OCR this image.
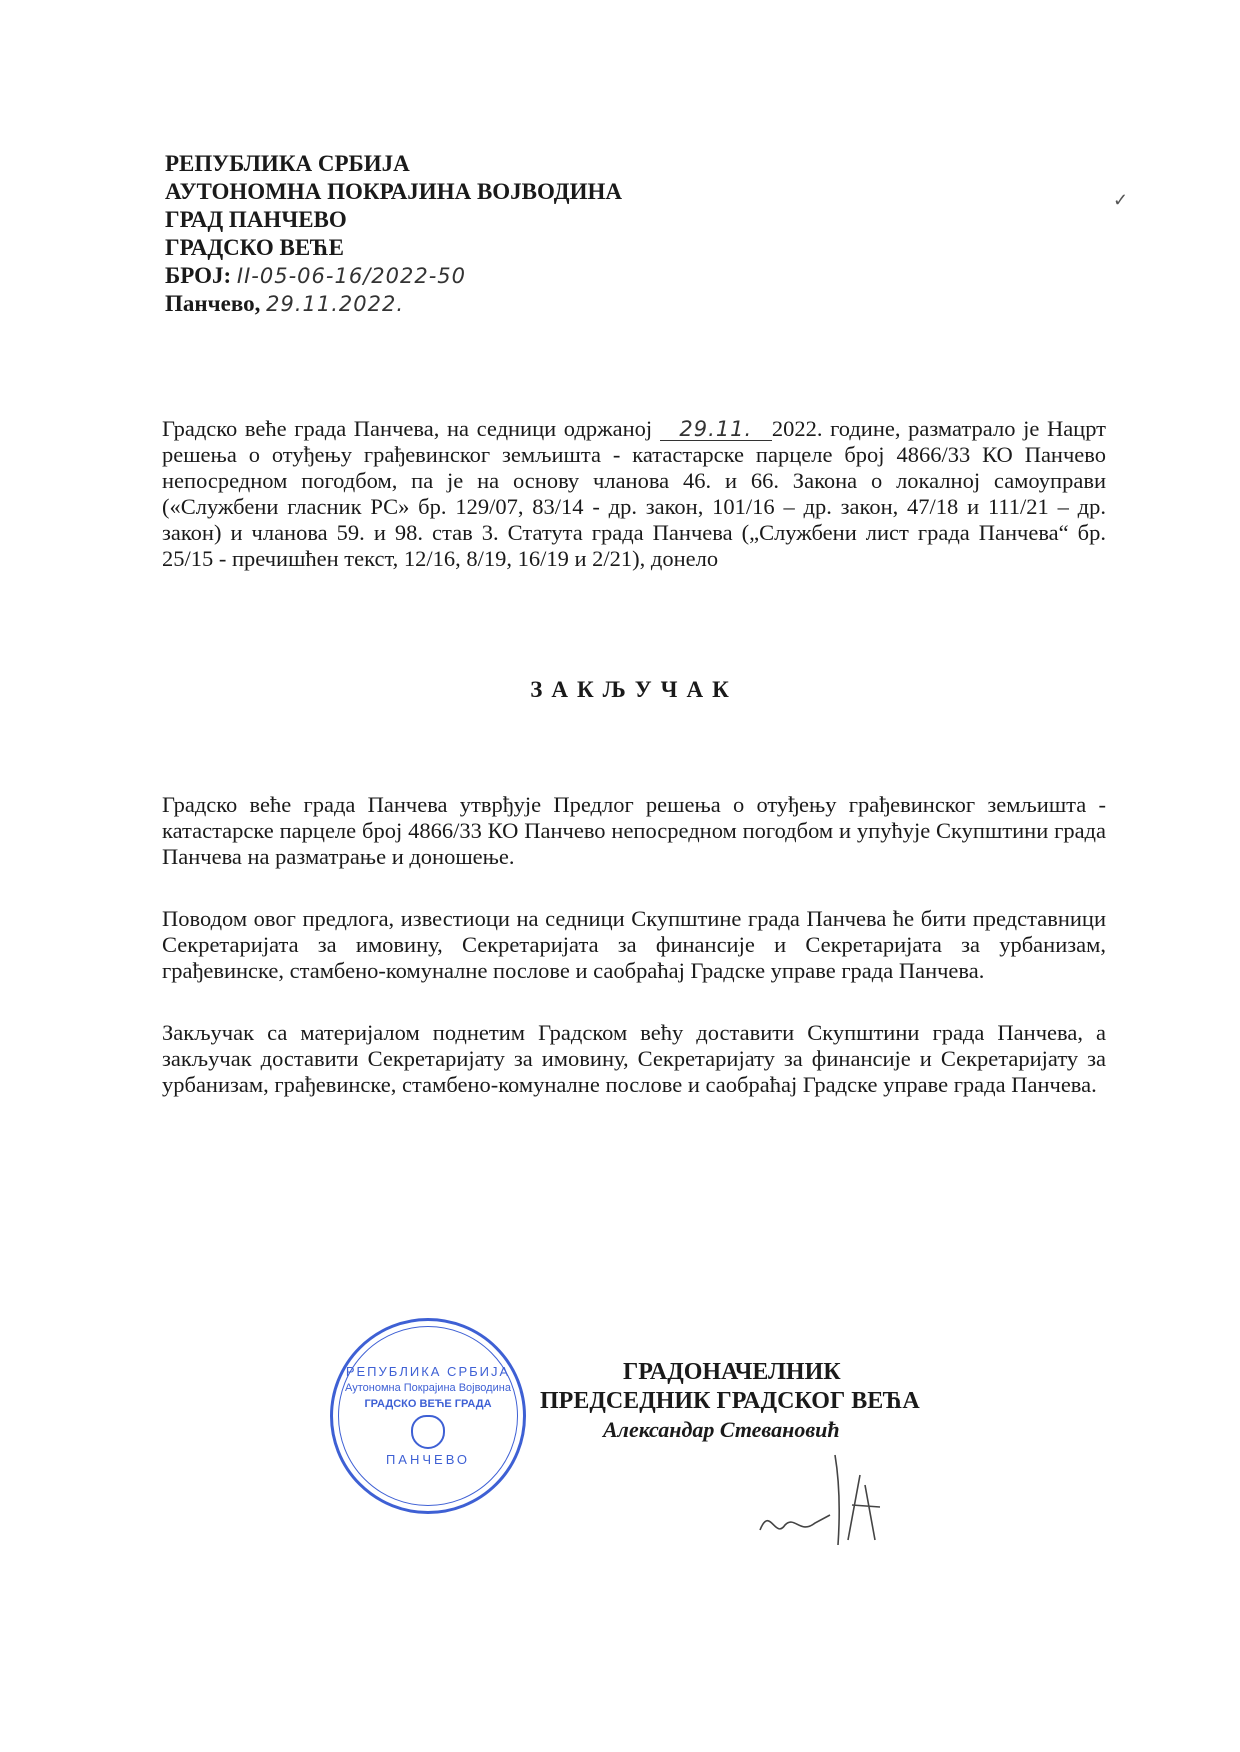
✓
РЕПУБЛИКА СРБИЈА
АУТОНОМНА ПОКРАЈИНА ВОЈВОДИНА
ГРАД ПАНЧЕВО
ГРАДСКО ВЕЋЕ
БРОЈ: II-05-06-16/2022-50
Панчево, 29.11.2022.

Градско веће града Панчева, на седници одржаној 29.11. 2022. године, разматрало је Нацрт решења о отуђењу грађевинског земљишта - катастарске парцеле број 4866/33 КО Панчево непосредном погодбом, па је на основу чланова 46. и 66. Закона о локалној самоуправи («Службени гласник РС» бр. 129/07, 83/14 - др. закон, 101/16 – др. закон, 47/18 и 111/21 – др. закон) и чланова 59. и 98. став 3. Статута града Панчева („Службени лист града Панчева“ бр. 25/15 - пречишћен текст, 12/16, 8/19, 16/19 и 2/21), донело

ЗАКЉУЧАК

Градско веће града Панчева утврђује Предлог решења о отуђењу грађевинског земљишта - катастарске парцеле број 4866/33 КО Панчево непосредном погодбом и упућује Скупштини града Панчева на разматрање и доношење.

Поводом овог предлога, известиоци на седници Скупштине града Панчева ће бити представници Секретаријата за имовину, Секретаријата за финансије и Секретаријата за урбанизам, грађевинске, стамбено-комуналне послове и саобраћај Градске управе града Панчева.

Закључак са материјалом поднетим Градском већу доставити Скупштини града Панчева, а закључак доставити Секретаријату за имовину, Секретаријату за финансије и Секретаријату за урбанизам, грађевинске, стамбено-комуналне послове и саобраћај Градске управе града Панчева.

РЕПУБЛИКА СРБИЈА
Аутономна Покрајина Војводина
ГРАДСКО ВЕЋЕ ГРАДА
ПАНЧЕВО
ГРАДОНАЧЕЛНИК
ПРЕДСЕДНИК ГРАДСКОГ ВЕЋА
Александар Стевановић
